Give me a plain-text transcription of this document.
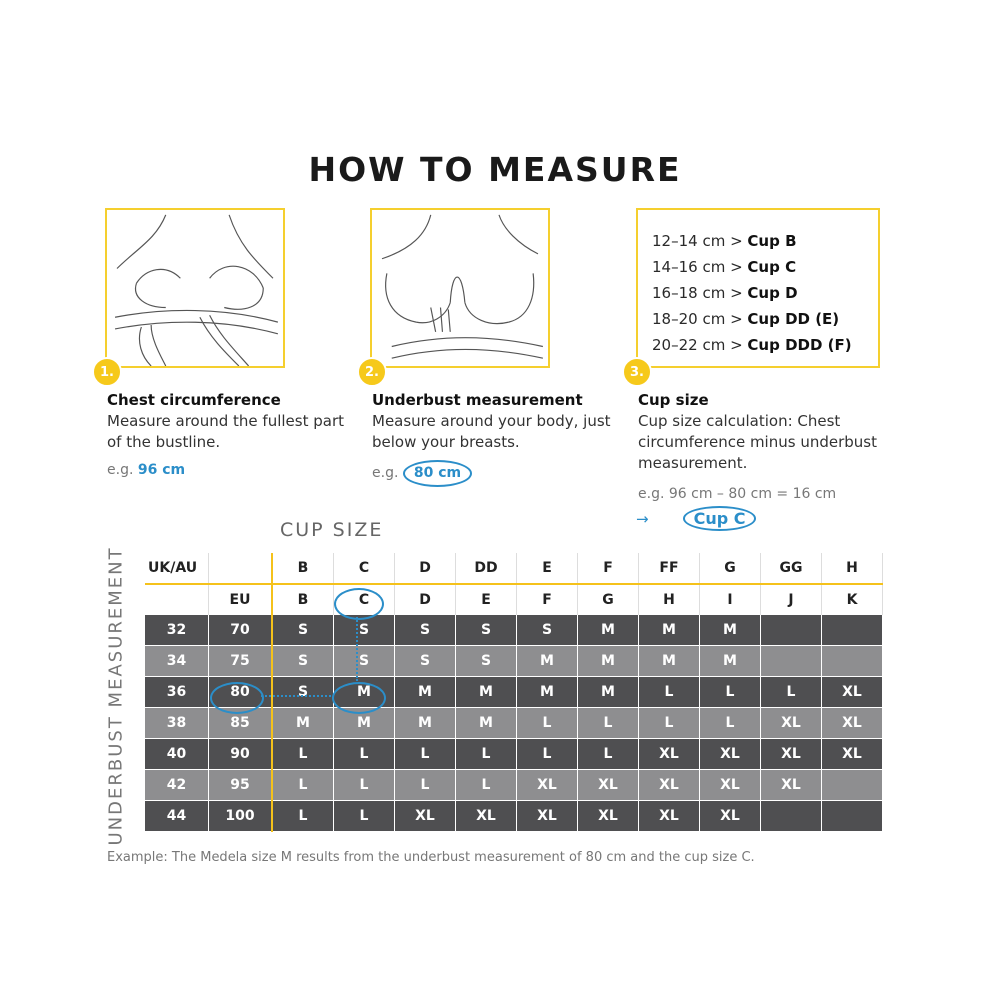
HOW TO MEASURE
1.	2.
12–14 cm > Cup B
14–16 cm > Cup C
16–18 cm > Cup D
18–20 cm > Cup DD (E)
20–22 cm > Cup DDD (F)
3.
Chest circumference

Measure around the fullest part of the bustline.

e.g. 96 cm
Underbust measurement

Measure around your body, just below your breasts.

e.g. 80 cm
Cup size

Cup size calculation: Chest circumference minus underbust measurement.

e.g. 96 cm – 80 cm = 16 cm
→	Cup C
CUP SIZE
UNDERBUST MEASUREMENT UK/AU		B	C	D	DD	E	F	FF	G	GG	H
	EU	B	C	D	E	F	G	H	I	J	K
32	70	S	S	S	S	S	M	M	M		
34	75	S	S	S	S	M	M	M	M		
36	80	S	M	M	M	M	M	L	L	L	XL
38	85	M	M	M	M	L	L	L	L	XL	XL
40	90	L	L	L	L	L	L	XL	XL	XL	XL
42	95	L	L	L	L	XL	XL	XL	XL	XL	
44	100	L	L	XL	XL	XL	XL	XL	XL		
Example: The Medela size M results from the underbust measurement of 80 cm and the cup size C.
